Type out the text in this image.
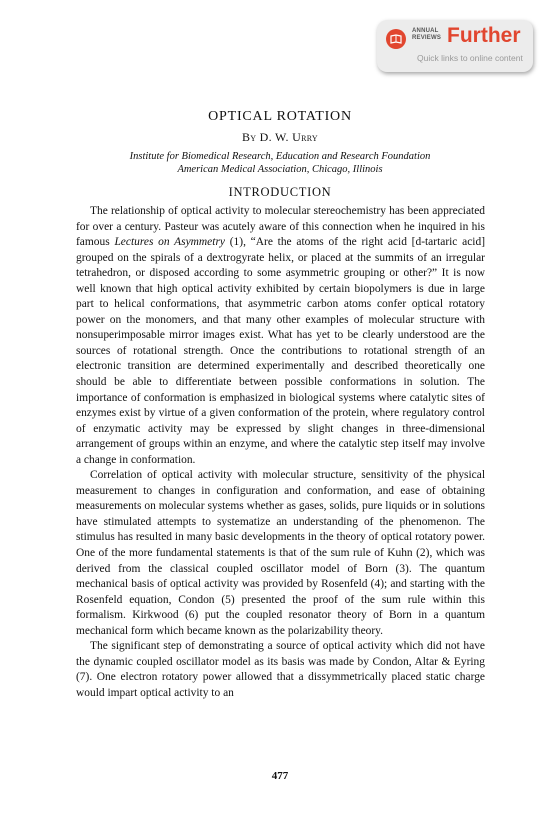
ANNUAL
REVIEWS Further
Quick links to online content
OPTICAL ROTATION
By D. W. Urry
Institute for Biomedical Research, Education and Research Foundation
American Medical Association, Chicago, Illinois
INTRODUCTION

The relationship of optical activity to molecular stereochemistry has been appreciated for over a century. Pasteur was acutely aware of this connection when he inquired in his famous Lectures on Asymmetry (1), “Are the atoms of the right acid [d-tartaric acid] grouped on the spirals of a dextrogyrate helix, or placed at the summits of an irregular tetrahedron, or disposed according to some asymmetric grouping or other?” It is now well known that high optical activity exhibited by certain biopolymers is due in large part to helical conformations, that asymmetric carbon atoms confer optical rotatory power on the monomers, and that many other examples of molecular structure with nonsuperimposable mirror images exist. What has yet to be clearly understood are the sources of rotational strength. Once the contributions to rotational strength of an electronic transition are determined experimentally and described theoretically one should be able to differentiate between possible conformations in solution. The importance of conformation is emphasized in biological systems where catalytic sites of enzymes exist by virtue of a given conformation of the protein, where regulatory control of enzymatic activity may be expressed by slight changes in three-dimensional arrangement of groups within an enzyme, and where the catalytic step itself may involve a change in conformation.

Correlation of optical activity with molecular structure, sensitivity of the physical measurement to changes in configuration and conformation, and ease of obtaining measurements on molecular systems whether as gases, solids, pure liquids or in solutions have stimulated attempts to systematize an understanding of the phenomenon. The stimulus has resulted in many basic developments in the theory of optical rotatory power. One of the more fundamental statements is that of the sum rule of Kuhn (2), which was derived from the classical coupled oscillator model of Born (3). The quantum mechanical basis of optical activity was provided by Rosenfeld (4); and starting with the Rosenfeld equation, Condon (5) presented the proof of the sum rule within this formalism. Kirkwood (6) put the coupled resonator theory of Born in a quantum mechanical form which became known as the polarizability theory.

The significant step of demonstrating a source of optical activity which did not have the dynamic coupled oscillator model as its basis was made by Condon, Altar & Eyring (7). One electron rotatory power allowed that a dissymmetrically placed static charge would impart optical activity to an

477
